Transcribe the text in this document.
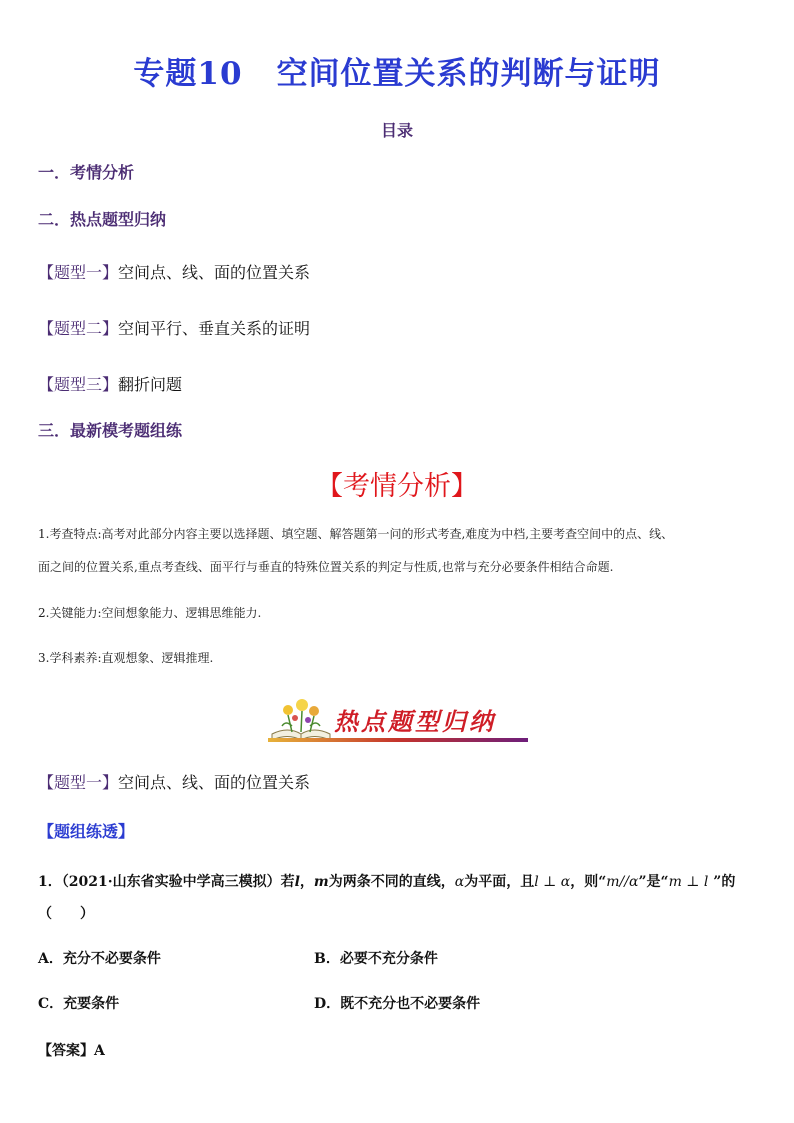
专题10 空间位置关系的判断与证明
目录
一．考情分析
二．热点题型归纳
【题型一】空间点、线、面的位置关系
【题型二】空间平行、垂直关系的证明
【题型三】翻折问题
三．最新模考题组练
【考情分析】
1.考查特点:高考对此部分内容主要以选择题、填空题、解答题第一问的形式考查,难度为中档,主要考查空间中的点、线、
面之间的位置关系,重点考查线、面平行与垂直的特殊位置关系的判定与性质,也常与充分必要条件相结合命题.
2.关键能力:空间想象能力、逻辑思维能力.
3.学科素养:直观想象、逻辑推理.
热点题型归纳
【题型一】空间点、线、面的位置关系
【题组练透】
1．（2021·山东省实验中学高三模拟）若l，m为两条不同的直线，α为平面，且l ⊥ α，则“m//α”是“m ⊥ l ”的
（　　）
A．充分不必要条件	B．必要不充分条件
C．充要条件	D．既不充分也不必要条件
【答案】A
